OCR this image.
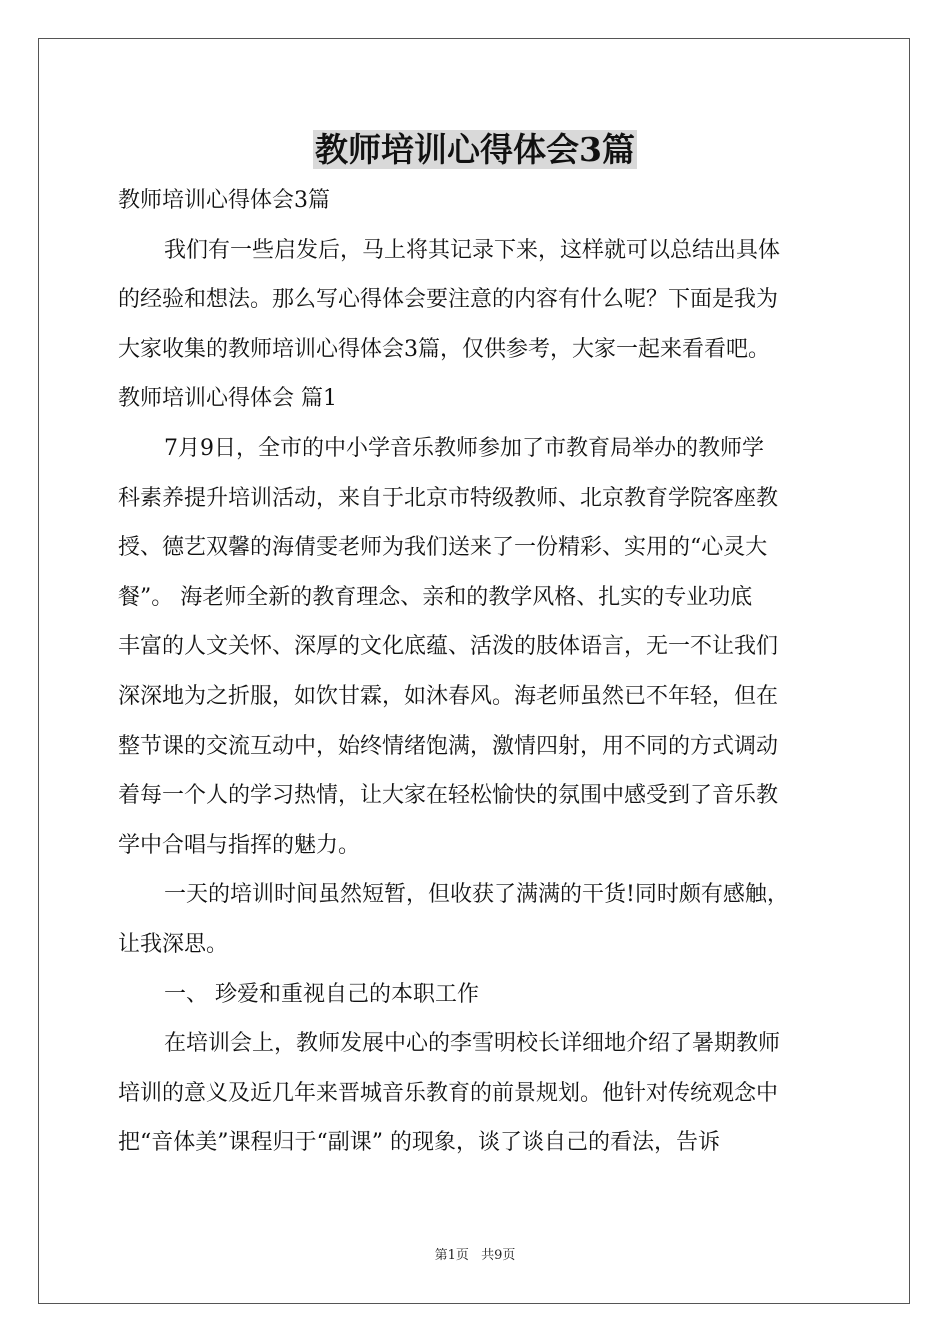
教师培训心得体会3篇

教师培训心得体会3篇

我们有一些启发后，马上将其记录下来，这样就可以总结出具体

的经验和想法。那么写心得体会要注意的内容有什么呢？下面是我为

大家收集的教师培训心得体会3篇，仅供参考，大家一起来看看吧。

教师培训心得体会 篇1

7月9日，全市的中小学音乐教师参加了市教育局举办的教师学

科素养提升培训活动，来自于北京市特级教师、北京教育学院客座教

授、德艺双馨的海倩雯老师为我们送来了一份精彩、实用的“心灵大

餐”。 海老师全新的教育理念、亲和的教学风格、扎实的专业功底

丰富的人文关怀、深厚的文化底蕴、活泼的肢体语言，无一不让我们

深深地为之折服，如饮甘霖，如沐春风。海老师虽然已不年轻，但在

整节课的交流互动中，始终情绪饱满，激情四射，用不同的方式调动

着每一个人的学习热情，让大家在轻松愉快的氛围中感受到了音乐教

学中合唱与指挥的魅力。

一天的培训时间虽然短暂，但收获了满满的干货!同时颇有感触，

让我深思。

一、 珍爱和重视自己的本职工作

在培训会上，教师发展中心的李雪明校长详细地介绍了暑期教师

培训的意义及近几年来晋城音乐教育的前景规划。他针对传统观念中

把“音体美”课程归于“副课” 的现象，谈了谈自己的看法，告诉

第1页 共9页
